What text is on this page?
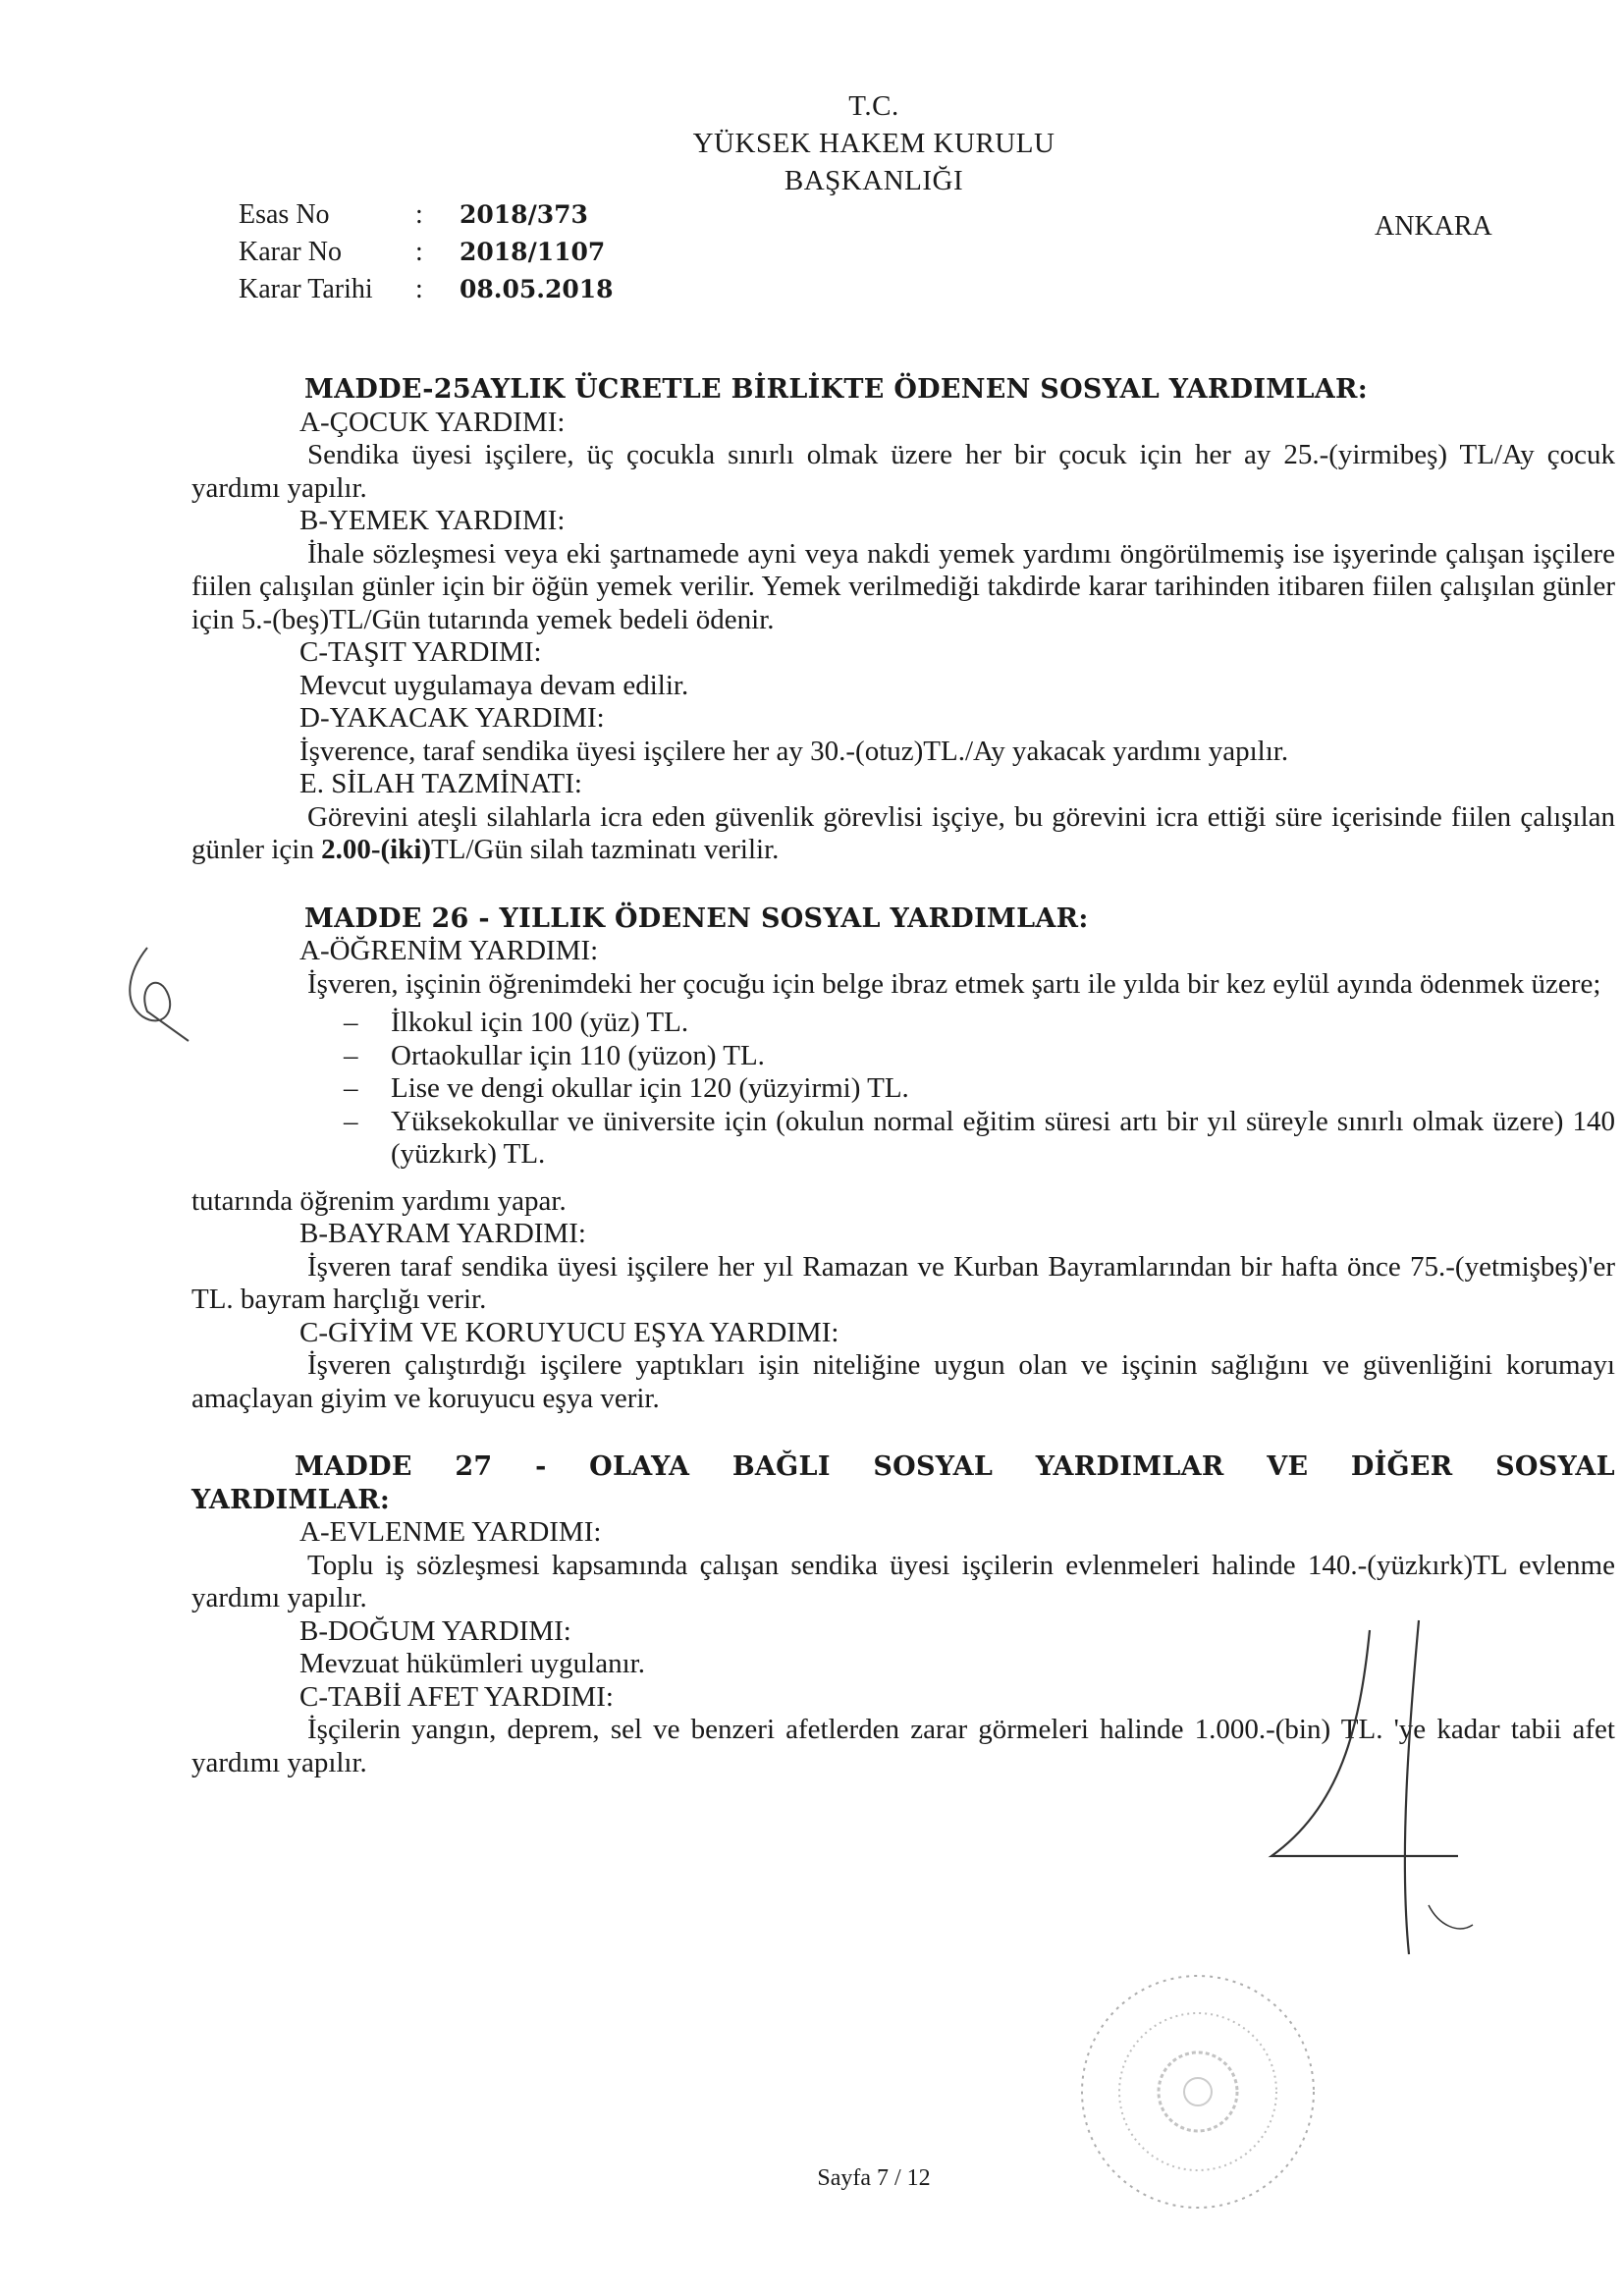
T.C.
YÜKSEK HAKEM KURULU
BAŞKANLIĞI
Esas No	:	2018/373
Karar No	:	2018/1107
Karar Tarihi	:	08.05.2018
ANKARA
MADDE-25AYLIK ÜCRETLE BİRLİKTE ÖDENEN SOSYAL YARDIMLAR:
A-ÇOCUK YARDIMI:
Sendika üyesi işçilere, üç çocukla sınırlı olmak üzere her bir çocuk için her ay 25.-(yirmibeş) TL/Ay çocuk yardımı yapılır.
B-YEMEK YARDIMI:
İhale sözleşmesi veya eki şartnamede ayni veya nakdi yemek yardımı öngörülmemiş ise işyerinde çalışan işçilere fiilen çalışılan günler için bir öğün yemek verilir. Yemek verilmediği takdirde karar tarihinden itibaren fiilen çalışılan günler için 5.-(beş)TL/Gün tutarında yemek bedeli ödenir.
C-TAŞIT YARDIMI:
Mevcut uygulamaya devam edilir.
D-YAKACAK YARDIMI:
İşverence, taraf sendika üyesi işçilere her ay 30.-(otuz)TL./Ay yakacak yardımı yapılır.
E. SİLAH TAZMİNATI:
Görevini ateşli silahlarla icra eden güvenlik görevlisi işçiye, bu görevini icra ettiği süre içerisinde fiilen çalışılan günler için 2.00-(iki)TL/Gün silah tazminatı verilir.
MADDE 26 - YILLIK ÖDENEN SOSYAL YARDIMLAR:
A-ÖĞRENİM YARDIMI:
İşveren, işçinin öğrenimdeki her çocuğu için belge ibraz etmek şartı ile yılda bir kez eylül ayında ödenmek üzere;
– İlkokul için 100 (yüz) TL.
– Ortaokullar için 110 (yüzon) TL.
– Lise ve dengi okullar için 120 (yüzyirmi) TL.
– Yüksekokullar ve üniversite için (okulun normal eğitim süresi artı bir yıl süreyle sınırlı olmak üzere) 140 (yüzkırk) TL.
tutarında öğrenim yardımı yapar.
B-BAYRAM YARDIMI:
İşveren taraf sendika üyesi işçilere her yıl Ramazan ve Kurban Bayramlarından bir hafta önce 75.-(yetmişbeş)'er TL. bayram harçlığı verir.
C-GİYİM VE KORUYUCU EŞYA YARDIMI:
İşveren çalıştırdığı işçilere yaptıkları işin niteliğine uygun olan ve işçinin sağlığını ve güvenliğini korumayı amaçlayan giyim ve koruyucu eşya verir.
MADDE 27 - OLAYA BAĞLI SOSYAL YARDIMLAR VE DİĞER SOSYAL
YARDIMLAR:
A-EVLENME YARDIMI:
Toplu iş sözleşmesi kapsamında çalışan sendika üyesi işçilerin evlenmeleri halinde 140.-(yüzkırk)TL evlenme yardımı yapılır.
B-DOĞUM YARDIMI:
Mevzuat hükümleri uygulanır.
C-TABİİ AFET YARDIMI:
İşçilerin yangın, deprem, sel ve benzeri afetlerden zarar görmeleri halinde 1.000.-(bin) TL. 'ye kadar tabii afet yardımı yapılır.
Sayfa 7 / 12
